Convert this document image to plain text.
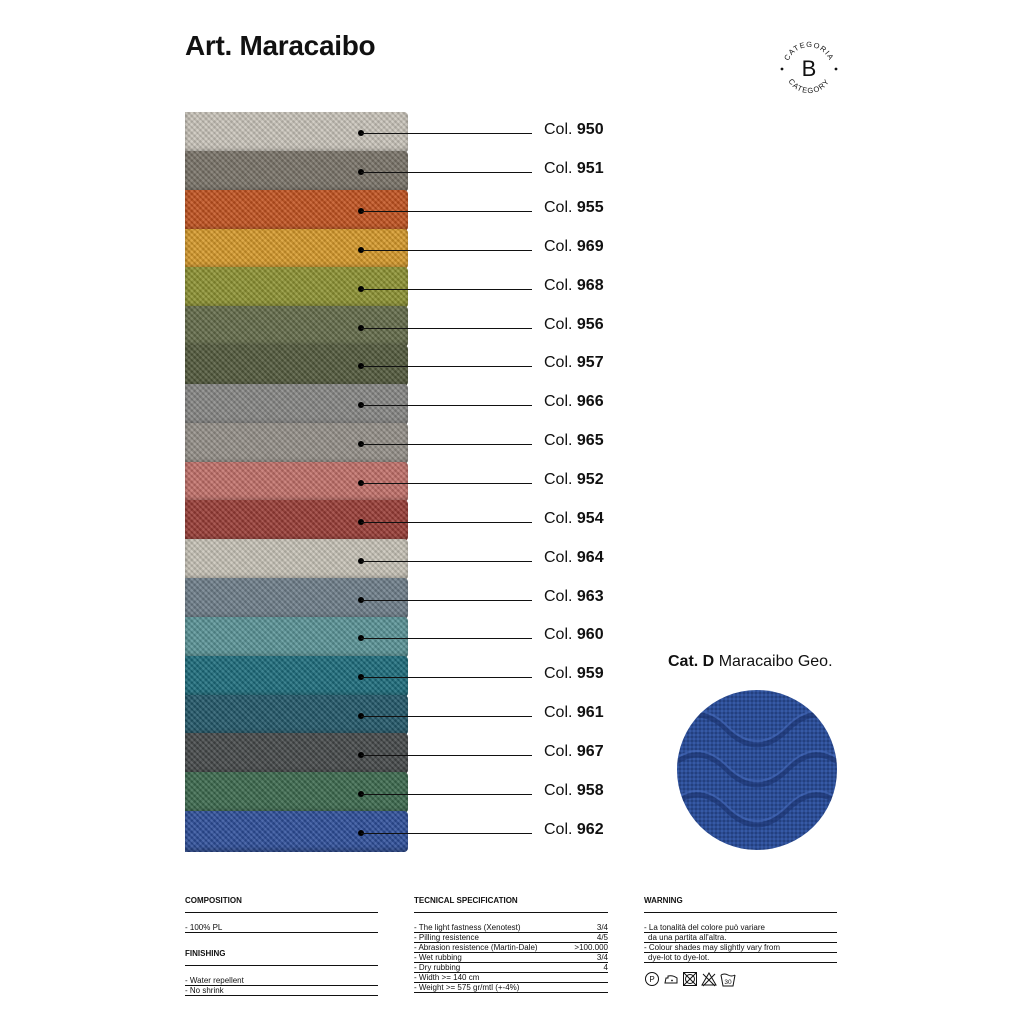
Art. Maracaibo	CATEGORIA
CATEGORY
B
Col. 950
Col. 951
Col. 955
Col. 969
Col. 968
Col. 956
Col. 957
Col. 966
Col. 965
Col. 952
Col. 954
Col. 964
Col. 963
Col. 960
Col. 959
Col. 961
Col. 967
Col. 958
Col. 962
Cat. D Maracaibo Geo.
COMPOSITION
- 100% PL
FINISHING
- Water repellent
- No shrink
TECNICAL SPECIFICATION
- The light fastness (Xenotest)	3/4
- Pilling resistence	4/5
- Abrasion resistence (Martin-Dale)	>100.000
- Wet rubbing	3/4
- Dry rubbing	4
- Width >= 140 cm
- Weight >= 575 gr/mtl (+-4%)
WARNING
- La tonalità del colore può variare
da una partita all'altra.
- Colour shades may slightly vary from
dye-lot to dye-lot.
P	30
